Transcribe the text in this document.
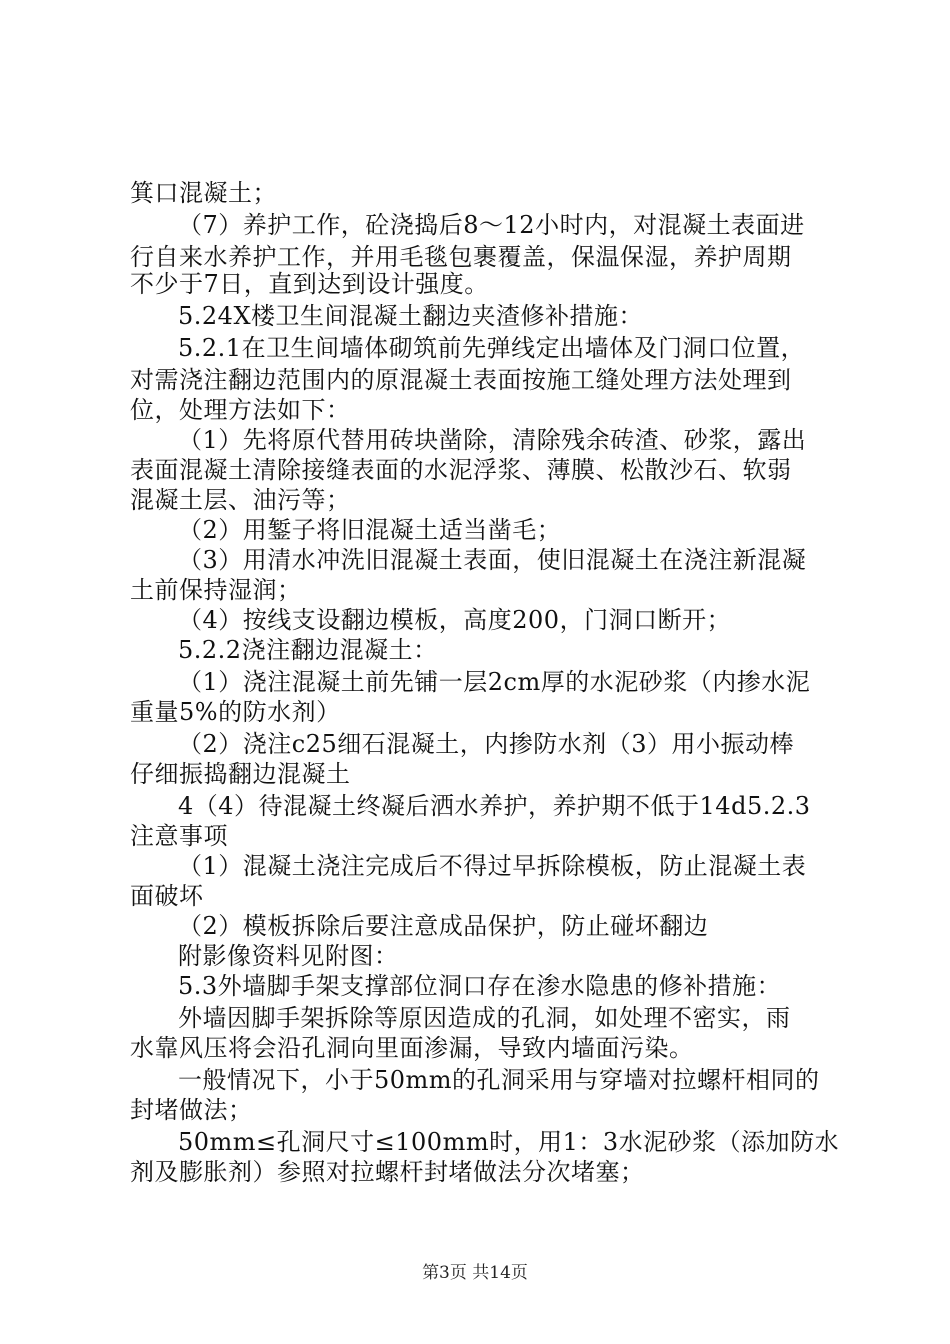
箕口混凝土；
（7）养护工作，砼浇捣后8～12小时内，对混凝土表面进
行自来水养护工作，并用毛毯包裹覆盖，保温保湿，养护周期
不少于7日，直到达到设计强度。
5.24X楼卫生间混凝土翻边夹渣修补措施：
5.2.1在卫生间墙体砌筑前先弹线定出墙体及门洞口位置，
对需浇注翻边范围内的原混凝土表面按施工缝处理方法处理到
位，处理方法如下：
（1）先将原代替用砖块凿除，清除残余砖渣、砂浆，露出
表面混凝土清除接缝表面的水泥浮浆、薄膜、松散沙石、软弱
混凝土层、油污等；
（2）用錾子将旧混凝土适当凿毛；
（3）用清水冲洗旧混凝土表面，使旧混凝土在浇注新混凝
土前保持湿润；
（4）按线支设翻边模板，高度200，门洞口断开；
5.2.2浇注翻边混凝土：
（1）浇注混凝土前先铺一层2cm厚的水泥砂浆（内掺水泥
重量5%的防水剂）
（2）浇注c25细石混凝土，内掺防水剂（3）用小振动棒
仔细振捣翻边混凝土
4（4）待混凝土终凝后洒水养护，养护期不低于14d5.2.3
注意事项
（1）混凝土浇注完成后不得过早拆除模板，防止混凝土表
面破坏
（2）模板拆除后要注意成品保护，防止碰坏翻边
附影像资料见附图：
5.3外墙脚手架支撑部位洞口存在渗水隐患的修补措施：
外墙因脚手架拆除等原因造成的孔洞，如处理不密实，雨
水靠风压将会沿孔洞向里面渗漏，导致内墙面污染。
一般情况下，小于50mm的孔洞采用与穿墙对拉螺杆相同的
封堵做法；
50mm≤孔洞尺寸≤100mm时，用1：3水泥砂浆（添加防水
剂及膨胀剂）参照对拉螺杆封堵做法分次堵塞；
第3页 共14页
